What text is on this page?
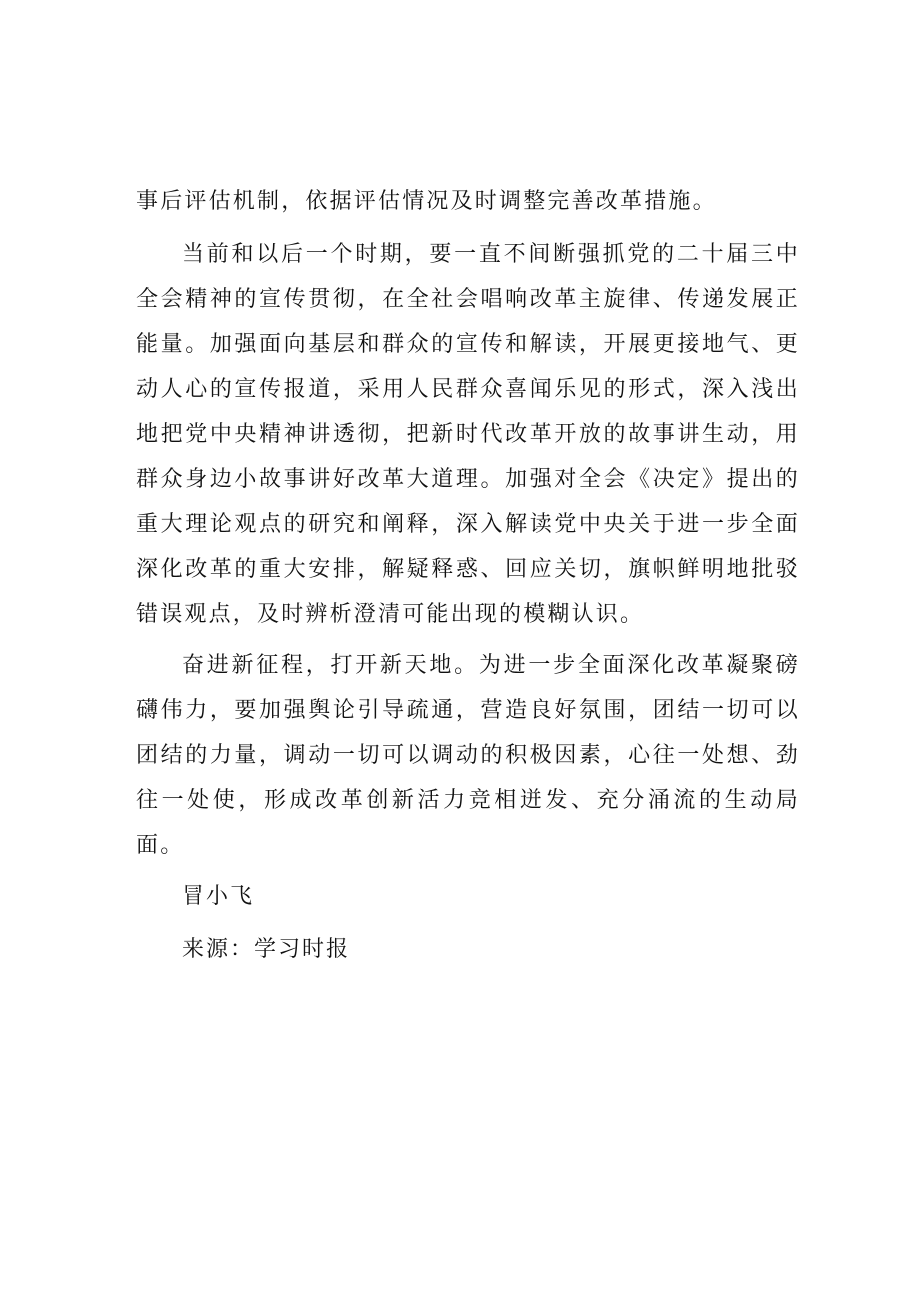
事后评估机制，依据评估情况及时调整完善改革措施。

当前和以后一个时期，要一直不间断强抓党的二十届三中全会精神的宣传贯彻，在全社会唱响改革主旋律、传递发展正能量。加强面向基层和群众的宣传和解读，开展更接地气、更动人心的宣传报道，采用人民群众喜闻乐见的形式，深入浅出地把党中央精神讲透彻，把新时代改革开放的故事讲生动，用群众身边小故事讲好改革大道理。加强对全会《决定》提出的重大理论观点的研究和阐释，深入解读党中央关于进一步全面深化改革的重大安排，解疑释惑、回应关切，旗帜鲜明地批驳错误观点，及时辨析澄清可能出现的模糊认识。

奋进新征程，打开新天地。为进一步全面深化改革凝聚磅礴伟力，要加强舆论引导疏通，营造良好氛围，团结一切可以团结的力量，调动一切可以调动的积极因素，心往一处想、劲往一处使，形成改革创新活力竞相迸发、充分涌流的生动局面。

冒小飞

来源：学习时报
